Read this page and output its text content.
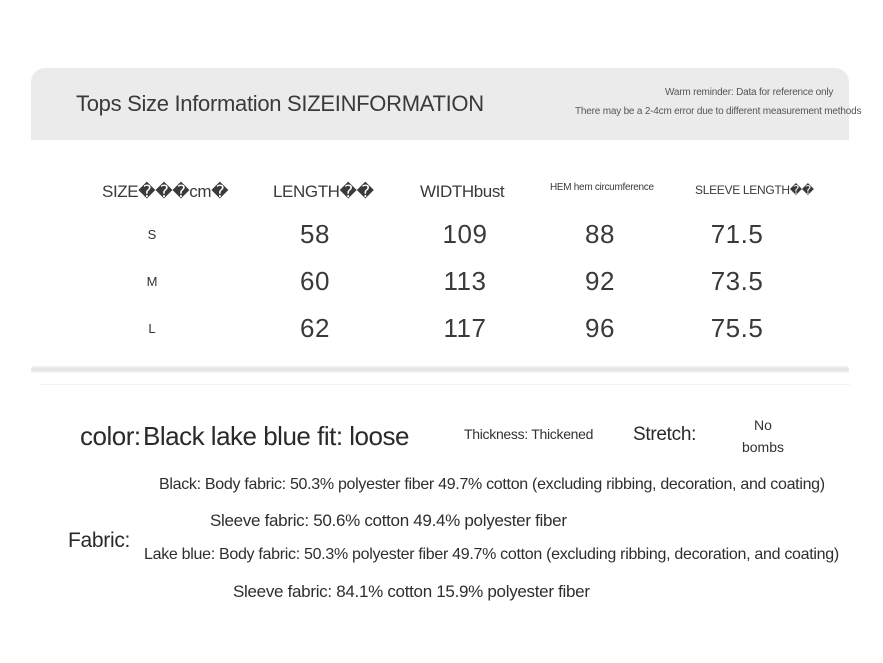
Tops Size Information SIZEINFORMATION	Warm reminder: Data for reference only
There may be a 2-4cm error due to different measurement methods
SIZE���cm�	LENGTH��	WIDTHbust	HEM hem circumference	SLEEVE LENGTH��
S	58	109	88	71.5
M	60	113	92	73.5
L	62	117	96	75.5
color: Black lake blue fit: loose	Thickness: Thickened Stretch:	No
bombs
Fabric:
Black: Body fabric: 50.3% polyester fiber 49.7% cotton (excluding ribbing, decoration, and coating)
Sleeve fabric: 50.6% cotton 49.4% polyester fiber
Lake blue: Body fabric: 50.3% polyester fiber 49.7% cotton (excluding ribbing, decoration, and coating)
Sleeve fabric: 84.1% cotton 15.9% polyester fiber
